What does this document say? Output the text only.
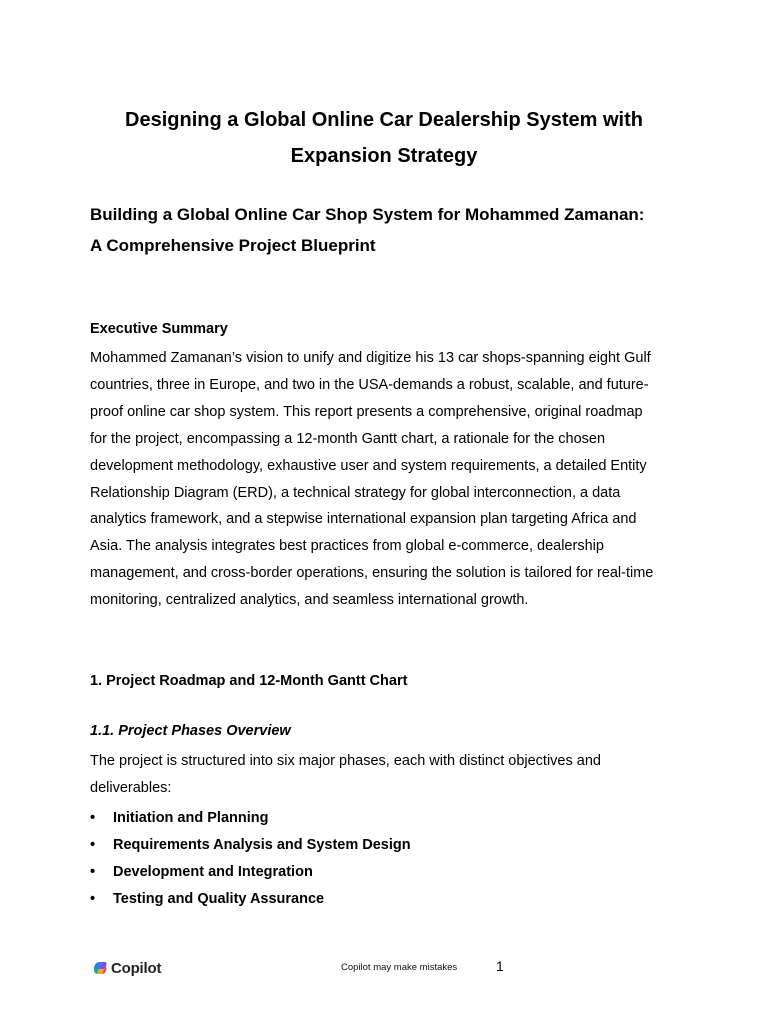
Designing a Global Online Car Dealership System with
Expansion Strategy
Building a Global Online Car Shop System for Mohammed Zamanan:
A Comprehensive Project Blueprint
Executive Summary

Mohammed Zamanan’s vision to unify and digitize his 13 car shops-spanning eight Gulf
countries, three in Europe, and two in the USA-demands a robust, scalable, and future-
proof online car shop system. This report presents a comprehensive, original roadmap
for the project, encompassing a 12-month Gantt chart, a rationale for the chosen
development methodology, exhaustive user and system requirements, a detailed Entity
Relationship Diagram (ERD), a technical strategy for global interconnection, a data
analytics framework, and a stepwise international expansion plan targeting Africa and
Asia. The analysis integrates best practices from global e-commerce, dealership
management, and cross-border operations, ensuring the solution is tailored for real-time
monitoring, centralized analytics, and seamless international growth.

1. Project Roadmap and 12-Month Gantt Chart
1.1. Project Phases Overview

The project is structured into six major phases, each with distinct objectives and
deliverables:

• Initiation and Planning
• Requirements Analysis and System Design
• Development and Integration
• Testing and Quality Assurance
Copilot	Copilot may make mistakes	1
